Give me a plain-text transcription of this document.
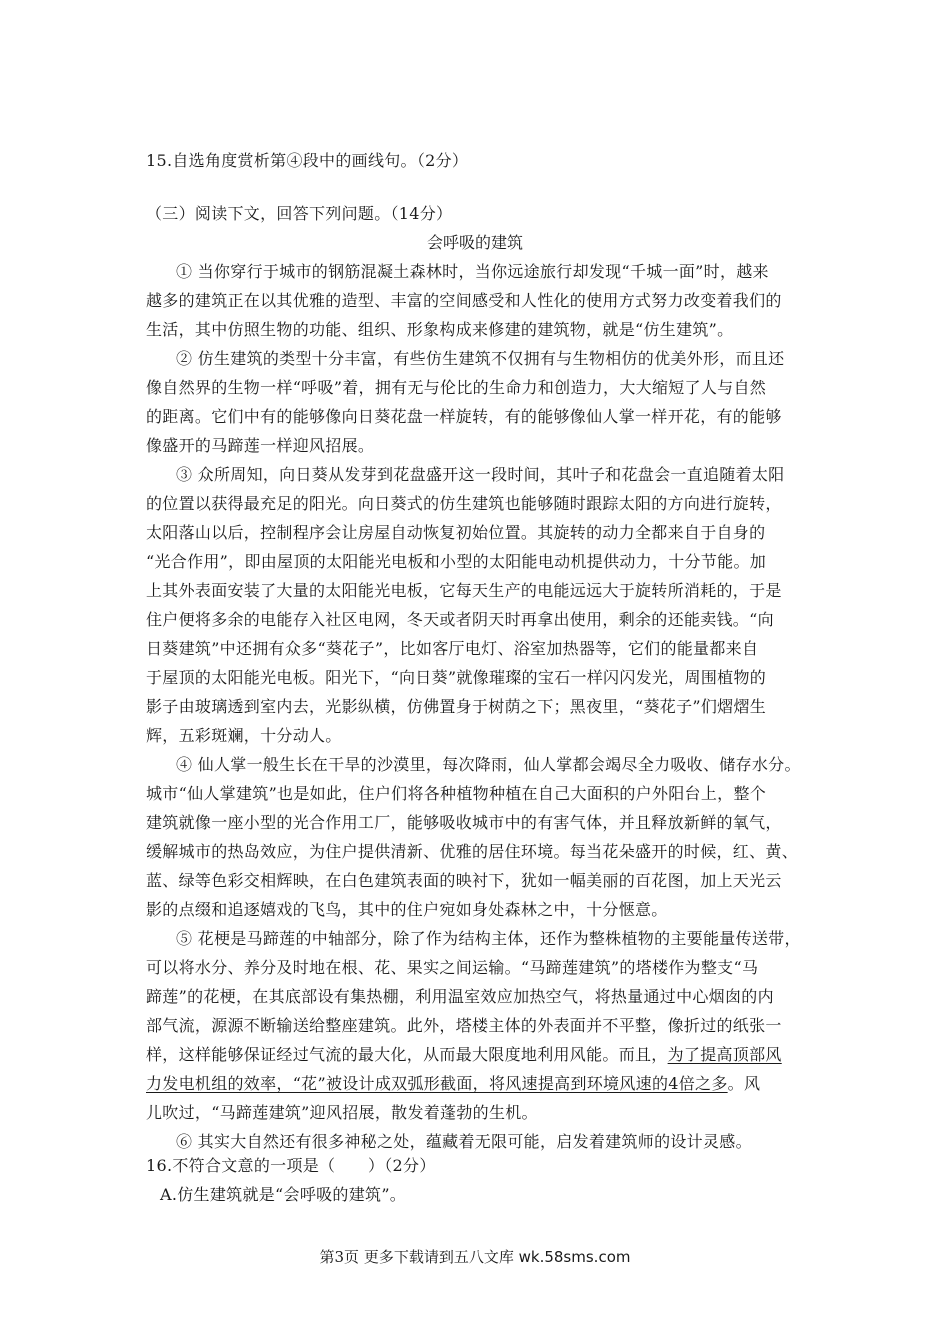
15.自选角度赏析第④段中的画线句。（2分）
（三）阅读下文，回答下列问题。（14分）
会呼吸的建筑
① 当你穿行于城市的钢筋混凝土森林时，当你远途旅行却发现“千城一面”时，越来
越多的建筑正在以其优雅的造型、丰富的空间感受和人性化的使用方式努力改变着我们的
生活，其中仿照生物的功能、组织、形象构成来修建的建筑物，就是“仿生建筑”。
② 仿生建筑的类型十分丰富，有些仿生建筑不仅拥有与生物相仿的优美外形，而且还
像自然界的生物一样“呼吸”着，拥有无与伦比的生命力和创造力，大大缩短了人与自然
的距离。它们中有的能够像向日葵花盘一样旋转，有的能够像仙人掌一样开花，有的能够
像盛开的马蹄莲一样迎风招展。
③ 众所周知，向日葵从发芽到花盘盛开这一段时间，其叶子和花盘会一直追随着太阳
的位置以获得最充足的阳光。向日葵式的仿生建筑也能够随时跟踪太阳的方向进行旋转，
太阳落山以后，控制程序会让房屋自动恢复初始位置。其旋转的动力全都来自于自身的
“光合作用”，即由屋顶的太阳能光电板和小型的太阳能电动机提供动力，十分节能。加
上其外表面安装了大量的太阳能光电板，它每天生产的电能远远大于旋转所消耗的，于是
住户便将多余的电能存入社区电网，冬天或者阴天时再拿出使用，剩余的还能卖钱。“向
日葵建筑”中还拥有众多“葵花子”，比如客厅电灯、浴室加热器等，它们的能量都来自
于屋顶的太阳能光电板。阳光下，“向日葵”就像璀璨的宝石一样闪闪发光，周围植物的
影子由玻璃透到室内去，光影纵横，仿佛置身于树荫之下；黑夜里，“葵花子”们熠熠生
辉，五彩斑斓，十分动人。
④ 仙人掌一般生长在干旱的沙漠里，每次降雨，仙人掌都会竭尽全力吸收、储存水分。
城市“仙人掌建筑”也是如此，住户们将各种植物种植在自己大面积的户外阳台上，整个
建筑就像一座小型的光合作用工厂，能够吸收城市中的有害气体，并且释放新鲜的氧气，
缓解城市的热岛效应，为住户提供清新、优雅的居住环境。每当花朵盛开的时候，红、黄、
蓝、绿等色彩交相辉映，在白色建筑表面的映衬下，犹如一幅美丽的百花图，加上天光云
影的点缀和追逐嬉戏的飞鸟，其中的住户宛如身处森林之中，十分惬意。
⑤ 花梗是马蹄莲的中轴部分，除了作为结构主体，还作为整株植物的主要能量传送带，
可以将水分、养分及时地在根、花、果实之间运输。“马蹄莲建筑”的塔楼作为整支“马
蹄莲”的花梗，在其底部设有集热棚，利用温室效应加热空气，将热量通过中心烟囱的内
部气流，源源不断输送给整座建筑。此外，塔楼主体的外表面并不平整，像折过的纸张一
样，这样能够保证经过气流的最大化，从而最大限度地利用风能。而且，为了提高顶部风
力发电机组的效率，“花”被设计成双弧形截面，将风速提高到环境风速的4倍之多。风
儿吹过，“马蹄莲建筑”迎风招展，散发着蓬勃的生机。
⑥ 其实大自然还有很多神秘之处，蕴藏着无限可能，启发着建筑师的设计灵感。
16.不符合文意的一项是（　　）（2分）
A.仿生建筑就是“会呼吸的建筑”。
第3页 更多下载请到五八文库 wk.58sms.com
